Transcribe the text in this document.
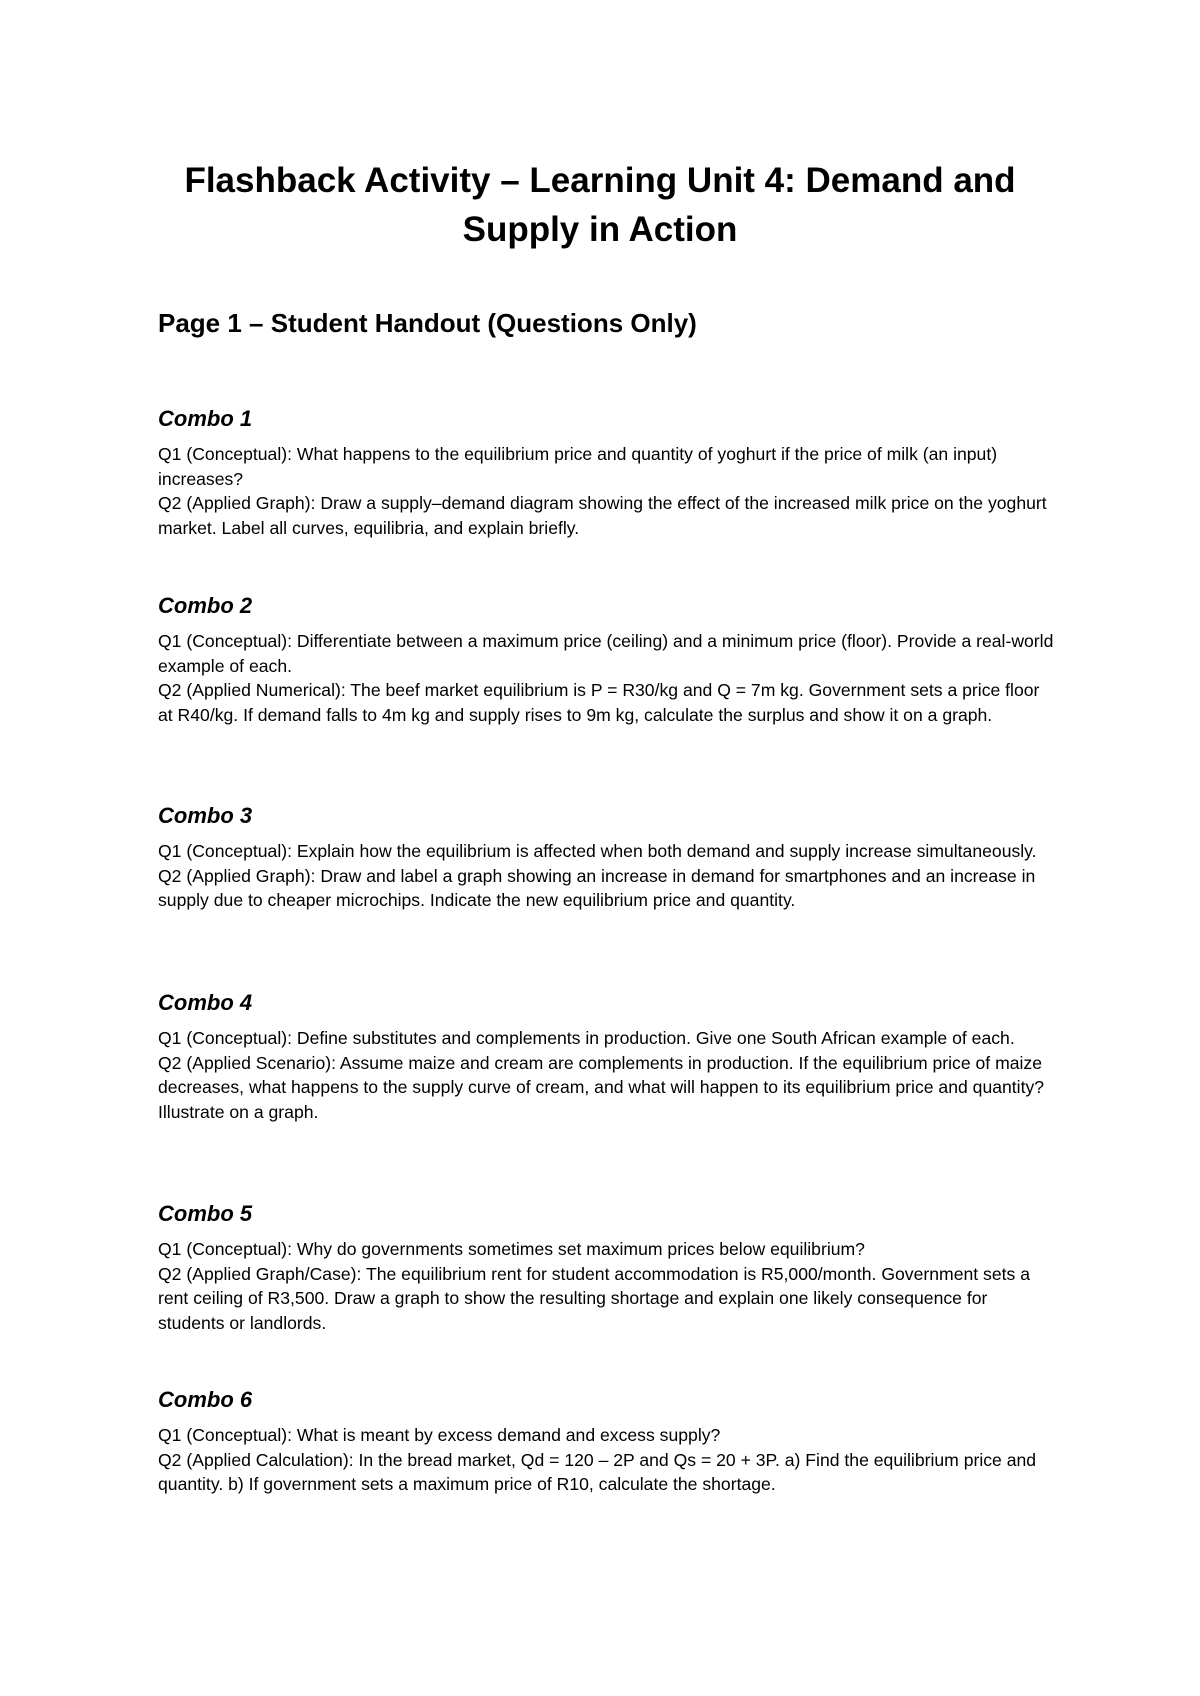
Flashback Activity – Learning Unit 4: Demand and Supply in Action
Page 1 – Student Handout (Questions Only)
Combo 1

Q1 (Conceptual): What happens to the equilibrium price and quantity of yoghurt if the price of milk (an input) increases?

Q2 (Applied Graph): Draw a supply–demand diagram showing the effect of the increased milk price on the yoghurt market. Label all curves, equilibria, and explain briefly.

Combo 2

Q1 (Conceptual): Differentiate between a maximum price (ceiling) and a minimum price (floor). Provide a real-world example of each.

Q2 (Applied Numerical): The beef market equilibrium is P = R30/kg and Q = 7m kg. Government sets a price floor at R40/kg. If demand falls to 4m kg and supply rises to 9m kg, calculate the surplus and show it on a graph.

Combo 3

Q1 (Conceptual): Explain how the equilibrium is affected when both demand and supply increase simultaneously.

Q2 (Applied Graph): Draw and label a graph showing an increase in demand for smartphones and an increase in supply due to cheaper microchips. Indicate the new equilibrium price and quantity.

Combo 4

Q1 (Conceptual): Define substitutes and complements in production. Give one South African example of each.

Q2 (Applied Scenario): Assume maize and cream are complements in production. If the equilibrium price of maize decreases, what happens to the supply curve of cream, and what will happen to its equilibrium price and quantity? Illustrate on a graph.

Combo 5

Q1 (Conceptual): Why do governments sometimes set maximum prices below equilibrium?

Q2 (Applied Graph/Case): The equilibrium rent for student accommodation is R5,000/month. Government sets a rent ceiling of R3,500. Draw a graph to show the resulting shortage and explain one likely consequence for students or landlords.

Combo 6

Q1 (Conceptual): What is meant by excess demand and excess supply?

Q2 (Applied Calculation): In the bread market, Qd = 120 – 2P and Qs = 20 + 3P. a) Find the equilibrium price and quantity. b) If government sets a maximum price of R10, calculate the shortage.
